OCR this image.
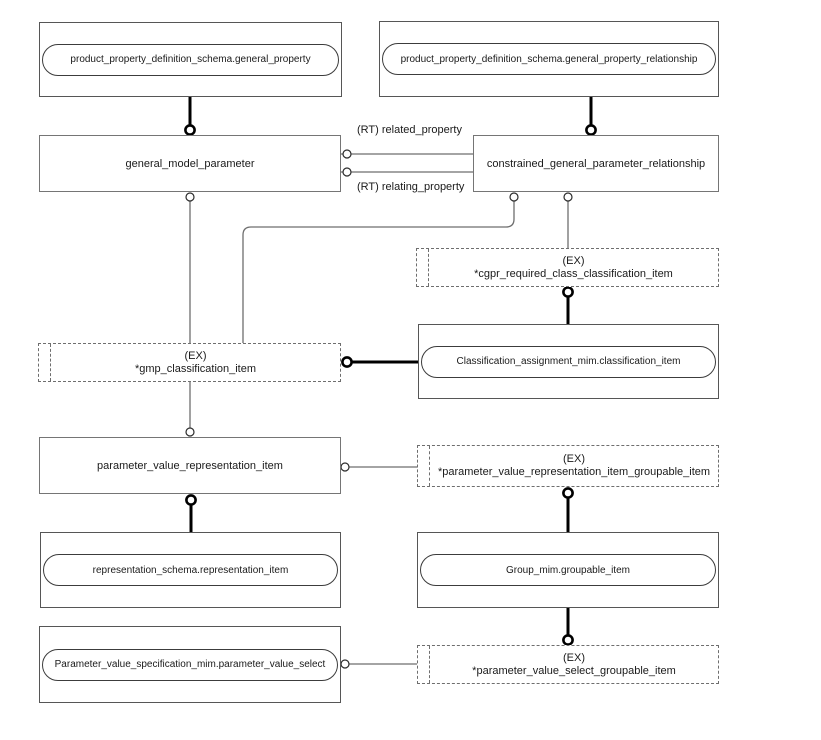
product_property_definition_schema.general_property	product_property_definition_schema.general_property_relationship
Classification_assignment_mim.classification_item
representation_schema.representation_item	Group_mim.groupable_item
Parameter_value_specification_mim.parameter_value_select
general_model_parameter	constrained_general_parameter_relationship
parameter_value_representation_item
(EX)
*gmp_classification_item
(EX)
*cgpr_required_class_classification_item
(EX)
*parameter_value_representation_item_groupable_item
(EX)
*parameter_value_select_groupable_item
(RT) related_property
(RT) relating_property
